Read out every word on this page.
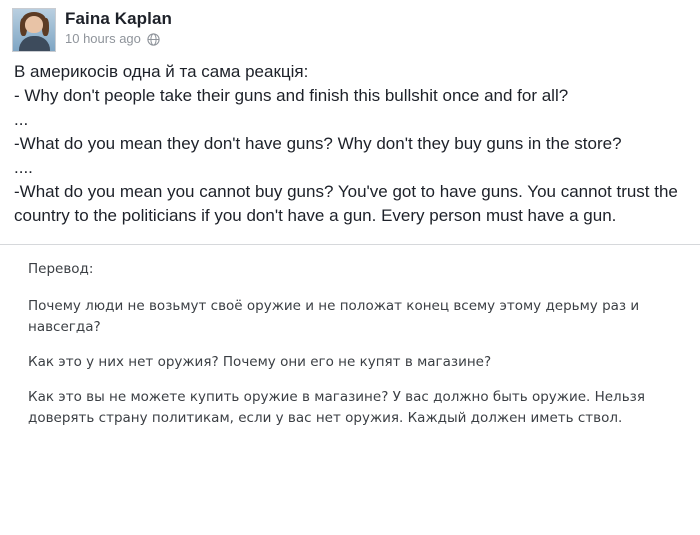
Faina Kaplan
10 hours ago

В америкосів одна й та сама реакція:

- Why don't people take their guns and finish this bullshit once and for all?

...

-What do you mean they don't have guns? Why don't they buy guns in the store?

....

-What do you mean you cannot buy guns? You've got to have guns. You cannot trust the country to the politicians if you don't have a gun. Every person must have a gun.

Перевод:

Почему люди не возьмут своё оружие и не положат конец всему этому дерьму раз и навсегда?

Как это у них нет оружия? Почему они его не купят в магазине?

Как это вы не можете купить оружие в магазине? У вас должно быть оружие. Нельзя доверять страну политикам, если у вас нет оружия. Каждый должен иметь ствол.
